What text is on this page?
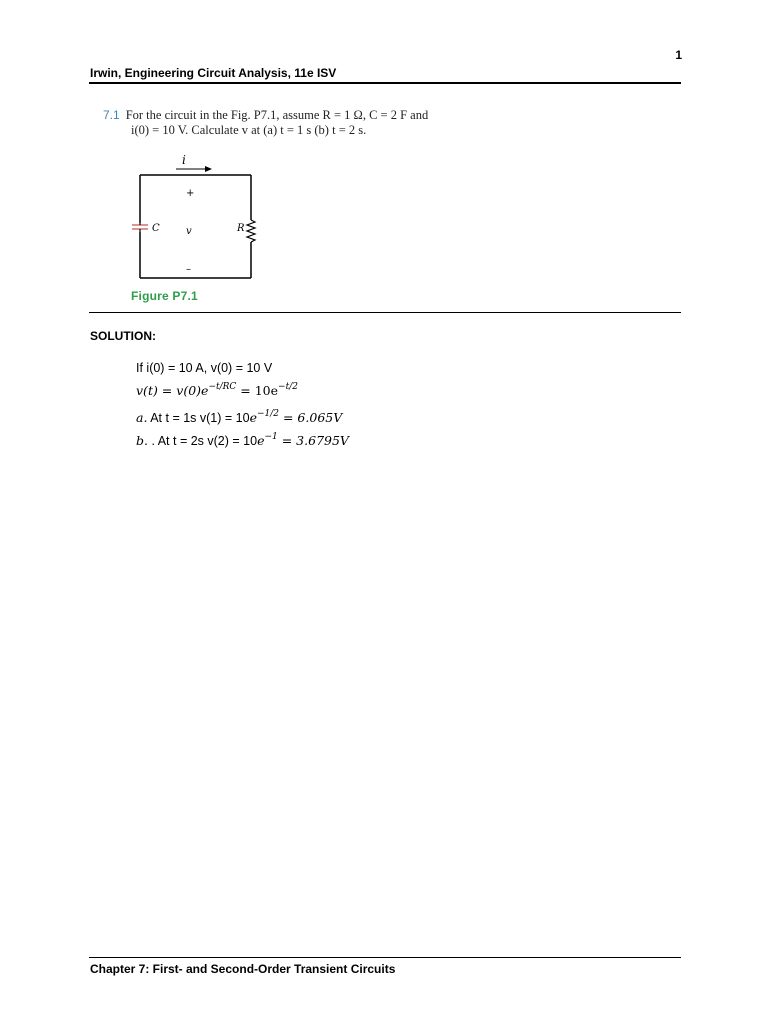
1
Irwin, Engineering Circuit Analysis, 11e ISV
7.1 For the circuit in the Fig. P7.1, assume R = 1 Ω, C = 2 F and
i(0) = 10 V. Calculate v at (a) t = 1 s (b) t = 2 s.
i
C	R
+
v
–
Figure P7.1
SOLUTION:
If i(0) = 10 A, v(0) = 10 V
$v(t) = v(0)e^{-t/RC} = 10e^{-t/2}$
a. At t = 1s $v(1) = 10e^{-1/2} = 6.065V$
b. . At t = 2s $v(2) = 10e^{-1} = 3.6795V$
Chapter 7: First- and Second-Order Transient Circuits
